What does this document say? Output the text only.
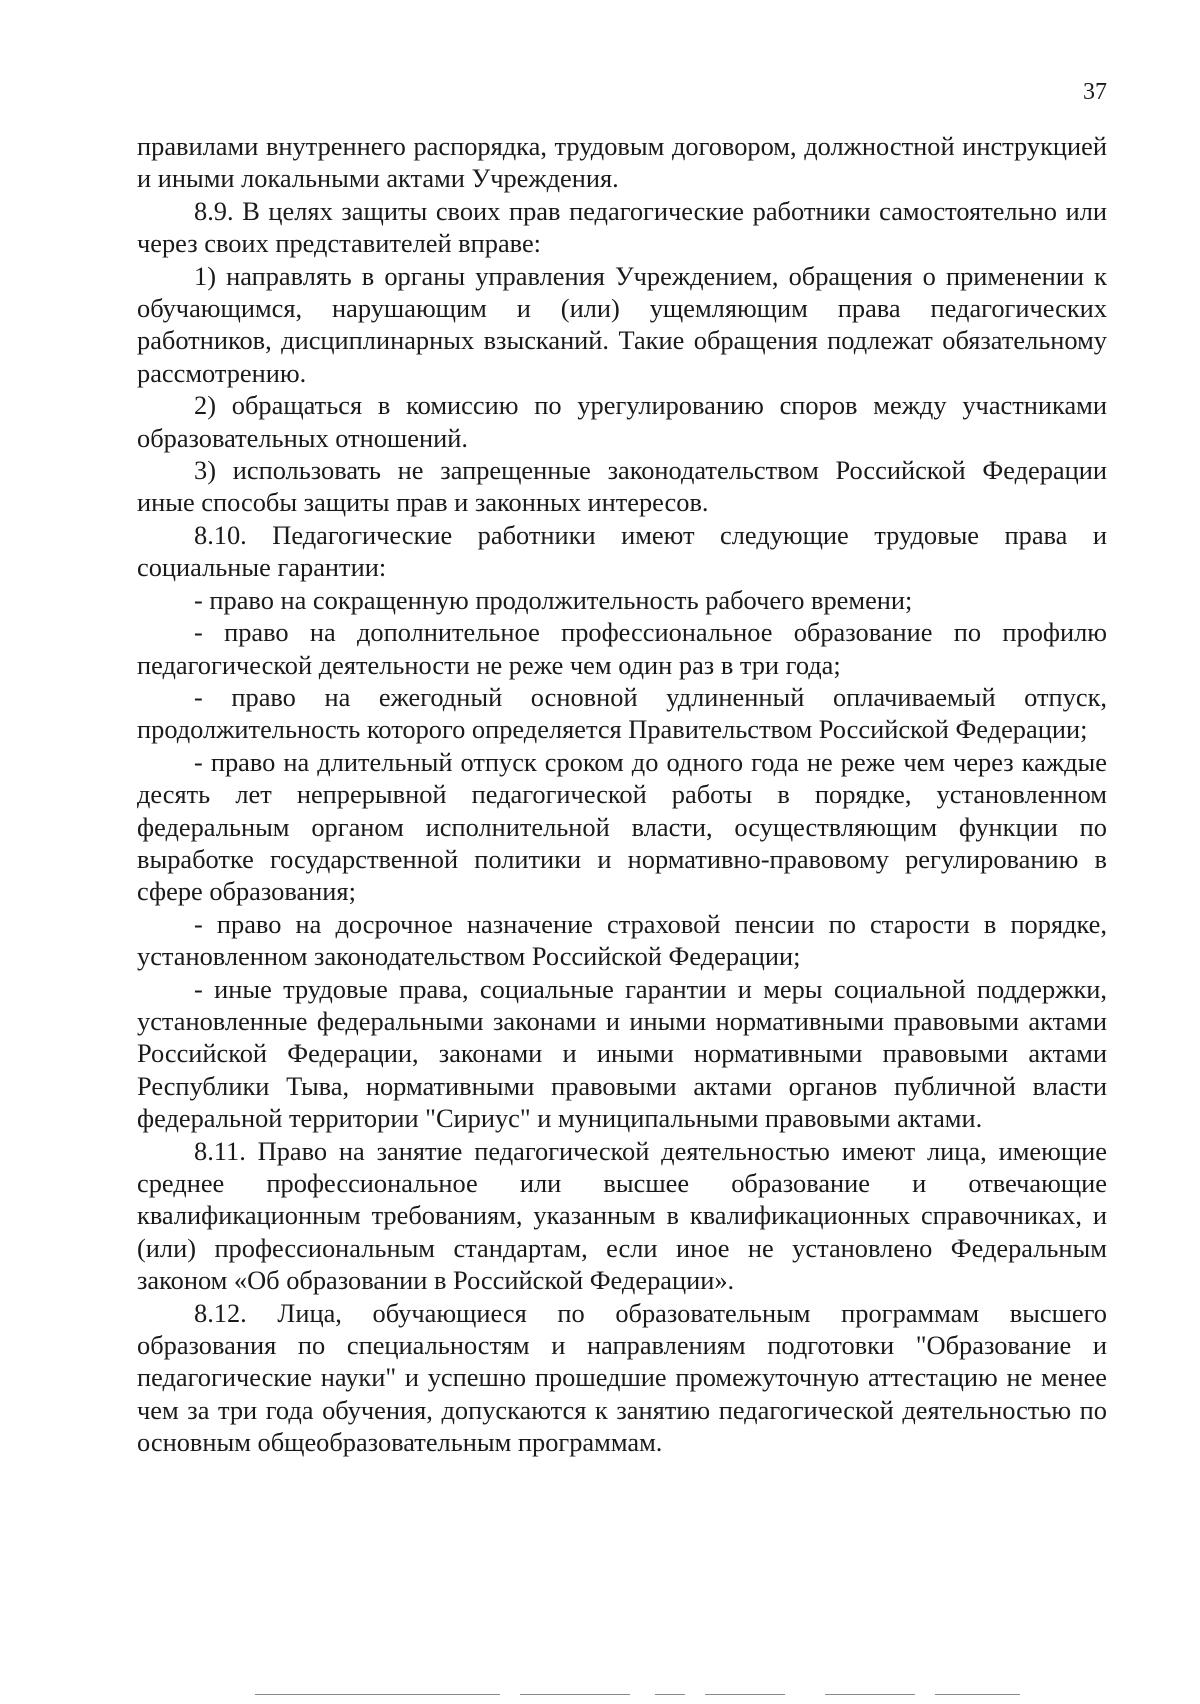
37

правилами внутреннего распорядка, трудовым договором, должностной инструкцией и иными локальными актами Учреждения.

8.9. В целях защиты своих прав педагогические работники самостоятельно или через своих представителей вправе:

1) направлять в органы управления Учреждением, обращения о применении к обучающимся, нарушающим и (или) ущемляющим права педагогических работников, дисциплинарных взысканий. Такие обращения подлежат обязательному рассмотрению.

2) обращаться в комиссию по урегулированию споров между участниками образовательных отношений.

3) использовать не запрещенные законодательством Российской Федерации иные способы защиты прав и законных интересов.

8.10. Педагогические работники имеют следующие трудовые права и социальные гарантии:

- право на сокращенную продолжительность рабочего времени;

- право на дополнительное профессиональное образование по профилю педагогической деятельности не реже чем один раз в три года;

- право на ежегодный основной удлиненный оплачиваемый отпуск, продолжительность которого определяется Правительством Российской Федерации;

- право на длительный отпуск сроком до одного года не реже чем через каждые десять лет непрерывной педагогической работы в порядке, установленном федеральным органом исполнительной власти, осуществляющим функции по выработке государственной политики и нормативно-правовому регулированию в сфере образования;

- право на досрочное назначение страховой пенсии по старости в порядке, установленном законодательством Российской Федерации;

- иные трудовые права, социальные гарантии и меры социальной поддержки, установленные федеральными законами и иными нормативными правовыми актами Российской Федерации, законами и иными нормативными правовыми актами Республики Тыва, нормативными правовыми актами органов публичной власти федеральной территории "Сириус" и муниципальными правовыми актами.

8.11. Право на занятие педагогической деятельностью имеют лица, имеющие среднее профессиональное или высшее образование и отвечающие квалификационным требованиям, указанным в квалификационных справочниках, и (или) профессиональным стандартам, если иное не установлено Федеральным законом «Об образовании в Российской Федерации».

8.12. Лица, обучающиеся по образовательным программам высшего образования по специальностям и направлениям подготовки "Образование и педагогические науки" и успешно прошедшие промежуточную аттестацию не менее чем за три года обучения, допускаются к занятию педагогической деятельностью по основным общеобразовательным программам.
